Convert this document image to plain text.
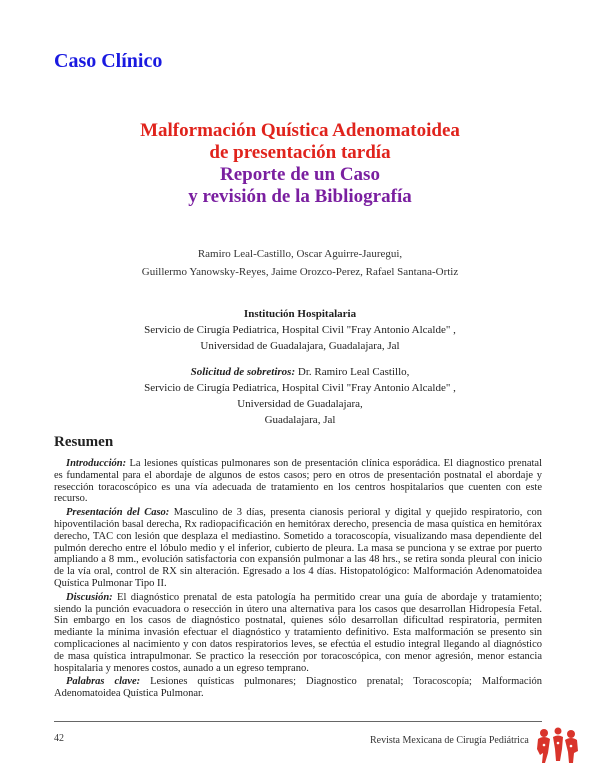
Caso Clínico
Malformación Quística Adenomatoidea
de presentación tardía
Reporte de un Caso
y revisión de la Bibliografía
Ramiro Leal-Castillo, Oscar Aguirre-Jauregui,
Guillermo Yanowsky-Reyes, Jaime Orozco-Perez, Rafael Santana-Ortiz
Institución Hospitalaria
Servicio de Cirugía Pediatrica, Hospital Civil "Fray Antonio Alcalde" ,
Universidad de Guadalajara, Guadalajara, Jal
Solicitud de sobretiros: Dr. Ramiro Leal Castillo,
Servicio de Cirugía Pediatrica, Hospital Civil "Fray Antonio Alcalde" ,
Universidad de Guadalajara,
Guadalajara, Jal
Resumen

Introducción: La lesiones quísticas pulmonares son de presentación clínica esporádica. El diagnostico prenatal es fundamental para el abordaje de algunos de estos casos; pero en otros de presentación postnatal el abordaje y resección toracoscópico es una vía adecuada de tratamiento en los centros hospitalarios que cuenten con este recurso.

Presentación del Caso: Masculino de 3 días, presenta cianosis perioral y digital y quejido respiratorio, con hipoventilación basal derecha, Rx radiopacificación en hemitórax derecho, presencia de masa quística en hemitórax derecho, TAC con lesión que desplaza el mediastino. Sometido a toracoscopía, visualizando masa dependiente del pulmón derecho entre el lóbulo medio y el inferior, cubierto de pleura. La masa se punciona y se extrae por puerto ampliando a 8 mm., evolución satisfactoria con expansión pulmonar a las 48 hrs., se retira sonda pleural con inicio de la vía oral, control de RX sin alteración. Egresado a los 4 días. Histopatológico: Malformación Adenomatoidea Quística Pulmonar Tipo II.

Discusión: El diagnóstico prenatal de esta patología ha permitido crear una guía de abordaje y tratamiento; siendo la punción evacuadora o resección in útero una alternativa para los casos que desarrollan Hidropesía Fetal. Sin embargo en los casos de diagnóstico postnatal, quienes sólo desarrollan dificultad respiratoria, permiten mediante la mínima invasión efectuar el diagnóstico y tratamiento definitivo. Esta malformación se presento sin complicaciones al nacimiento y con datos respiratorios leves, se efectúa el estudio integral llegando al diagnóstico de masa quística intrapulmonar. Se practico la resección por toracoscópica, con menor agresión, menor estancia hospitalaria y menores costos, aunado a un egreso temprano.

Palabras clave: Lesiones quísticas pulmonares; Diagnostico prenatal; Toracoscopía; Malformación Adenomatoidea Quística Pulmonar.

42	Revista Mexicana de Cirugía Pediátrica
